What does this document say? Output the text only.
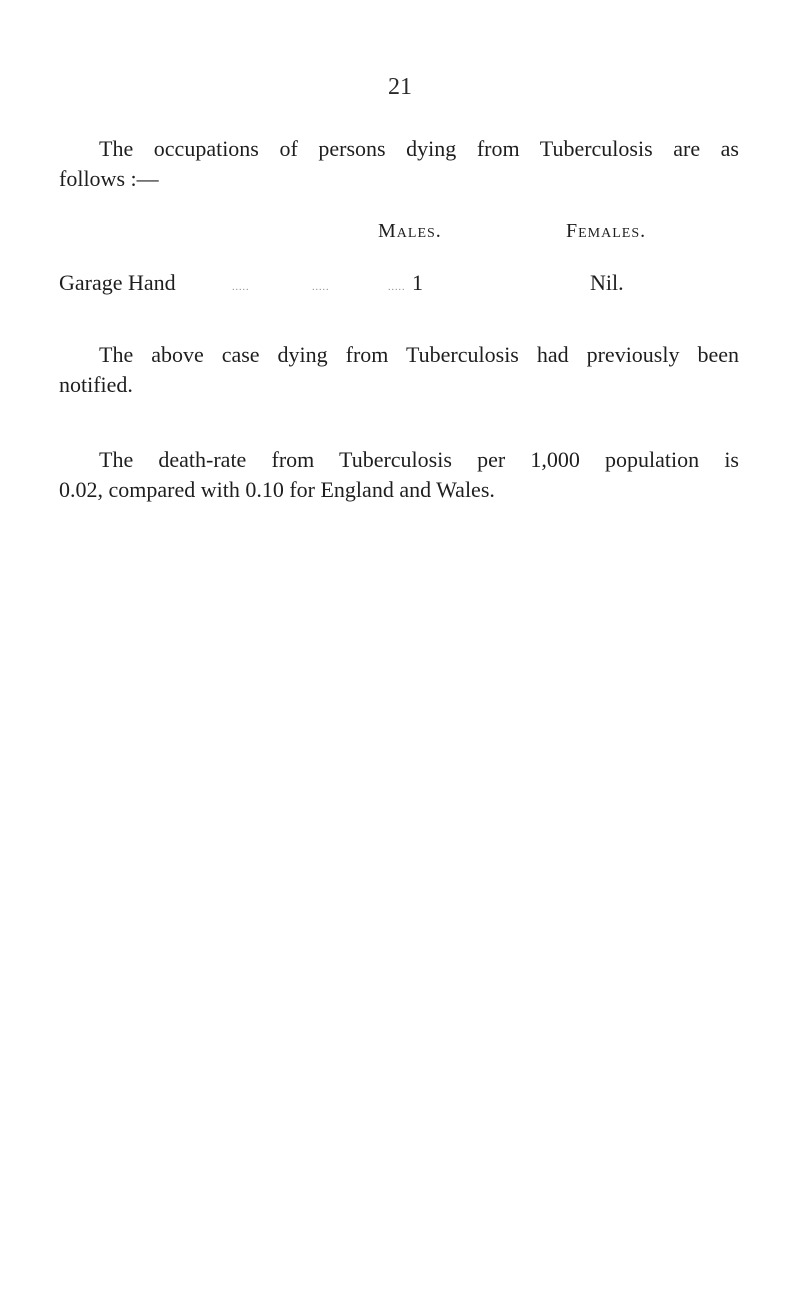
21
The occupations of persons dying from Tuberculosis are as
follows :—
Males.	Females.
Garage Hand	.....	.....	..... 1	Nil.
The above case dying from Tuberculosis had previously been
notified.
The death-rate from Tuberculosis per 1,000 population is
0.02, compared with 0.10 for England and Wales.
